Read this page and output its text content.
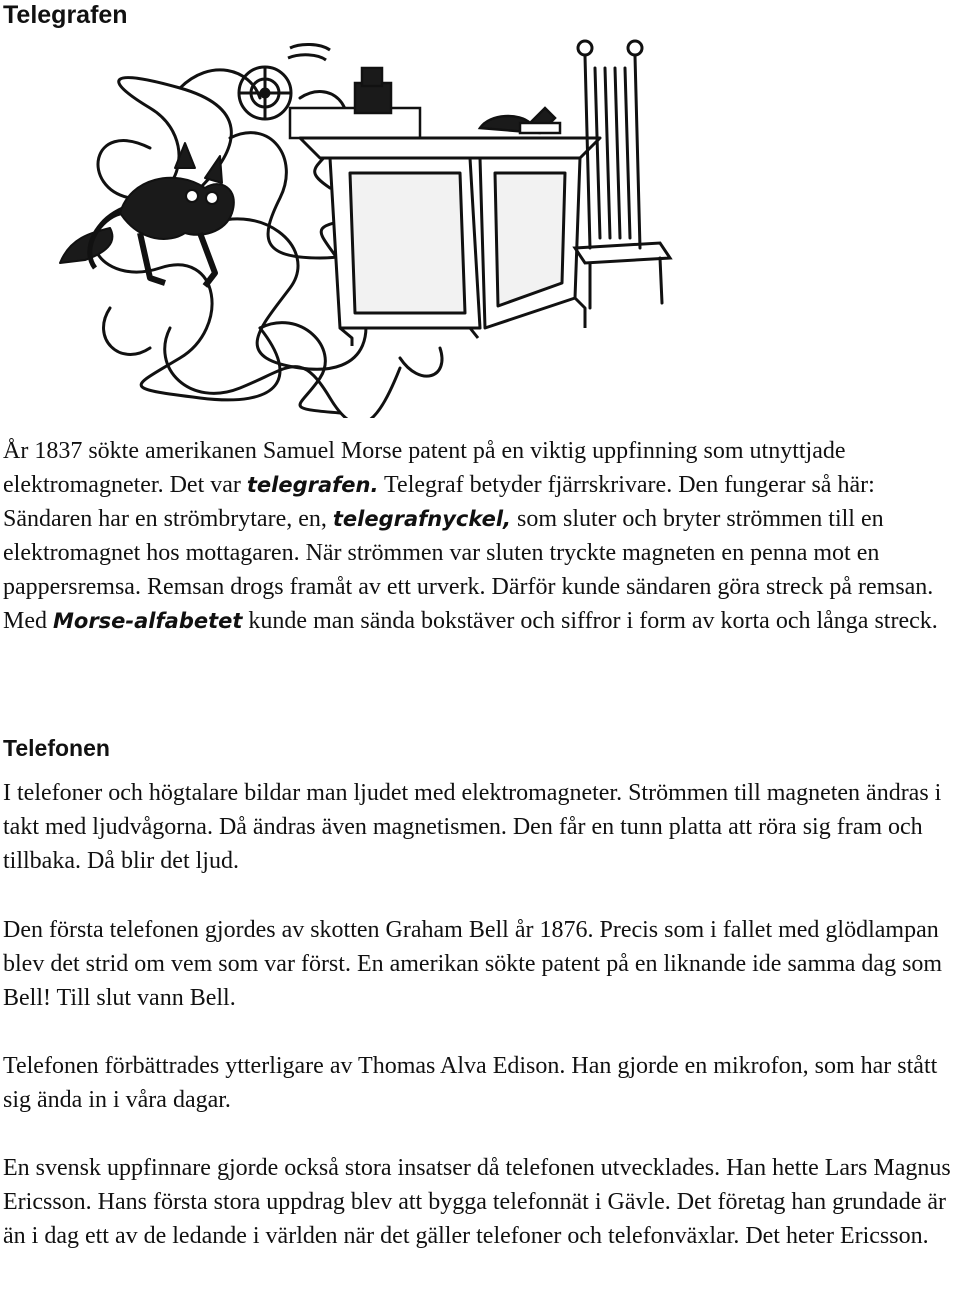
Telegrafen

År 1837 sökte amerikanen Samuel Morse patent på en viktig uppfinning som utnyttjade elektromagneter. Det var telegrafen. Telegraf betyder fjärrskrivare. Den fungerar så här: Sändaren har en strömbrytare, en, telegrafnyckel, som sluter och bryter strömmen till en elektromagnet hos mottagaren. När strömmen var sluten tryckte magneten en penna mot en pappersremsa. Remsan drogs framåt av ett urverk. Därför kunde sändaren göra streck på remsan. Med Morse-alfabetet kunde man sända bokstäver och siffror i form av korta och långa streck.

Telefonen

I telefoner och högtalare bildar man ljudet med elektromagneter. Strömmen till magneten ändras i takt med ljudvågorna. Då ändras även magnetismen. Den får en tunn platta att röra sig fram och tillbaka. Då blir det ljud.

Den första telefonen gjordes av skotten Graham Bell år 1876. Precis som i fallet med glödlampan blev det strid om vem som var först. En amerikan sökte patent på en liknande ide samma dag som Bell! Till slut vann Bell.

Telefonen förbättrades ytterligare av Thomas Alva Edison. Han gjorde en mikrofon, som har stått sig ända in i våra dagar.

En svensk uppfinnare gjorde också stora insatser då telefonen utvecklades. Han hette Lars Magnus Ericsson. Hans första stora uppdrag blev att bygga telefonnät i Gävle. Det företag han grundade är än i dag ett av de ledande i världen när det gäller telefoner och telefonväxlar. Det heter Ericsson.
